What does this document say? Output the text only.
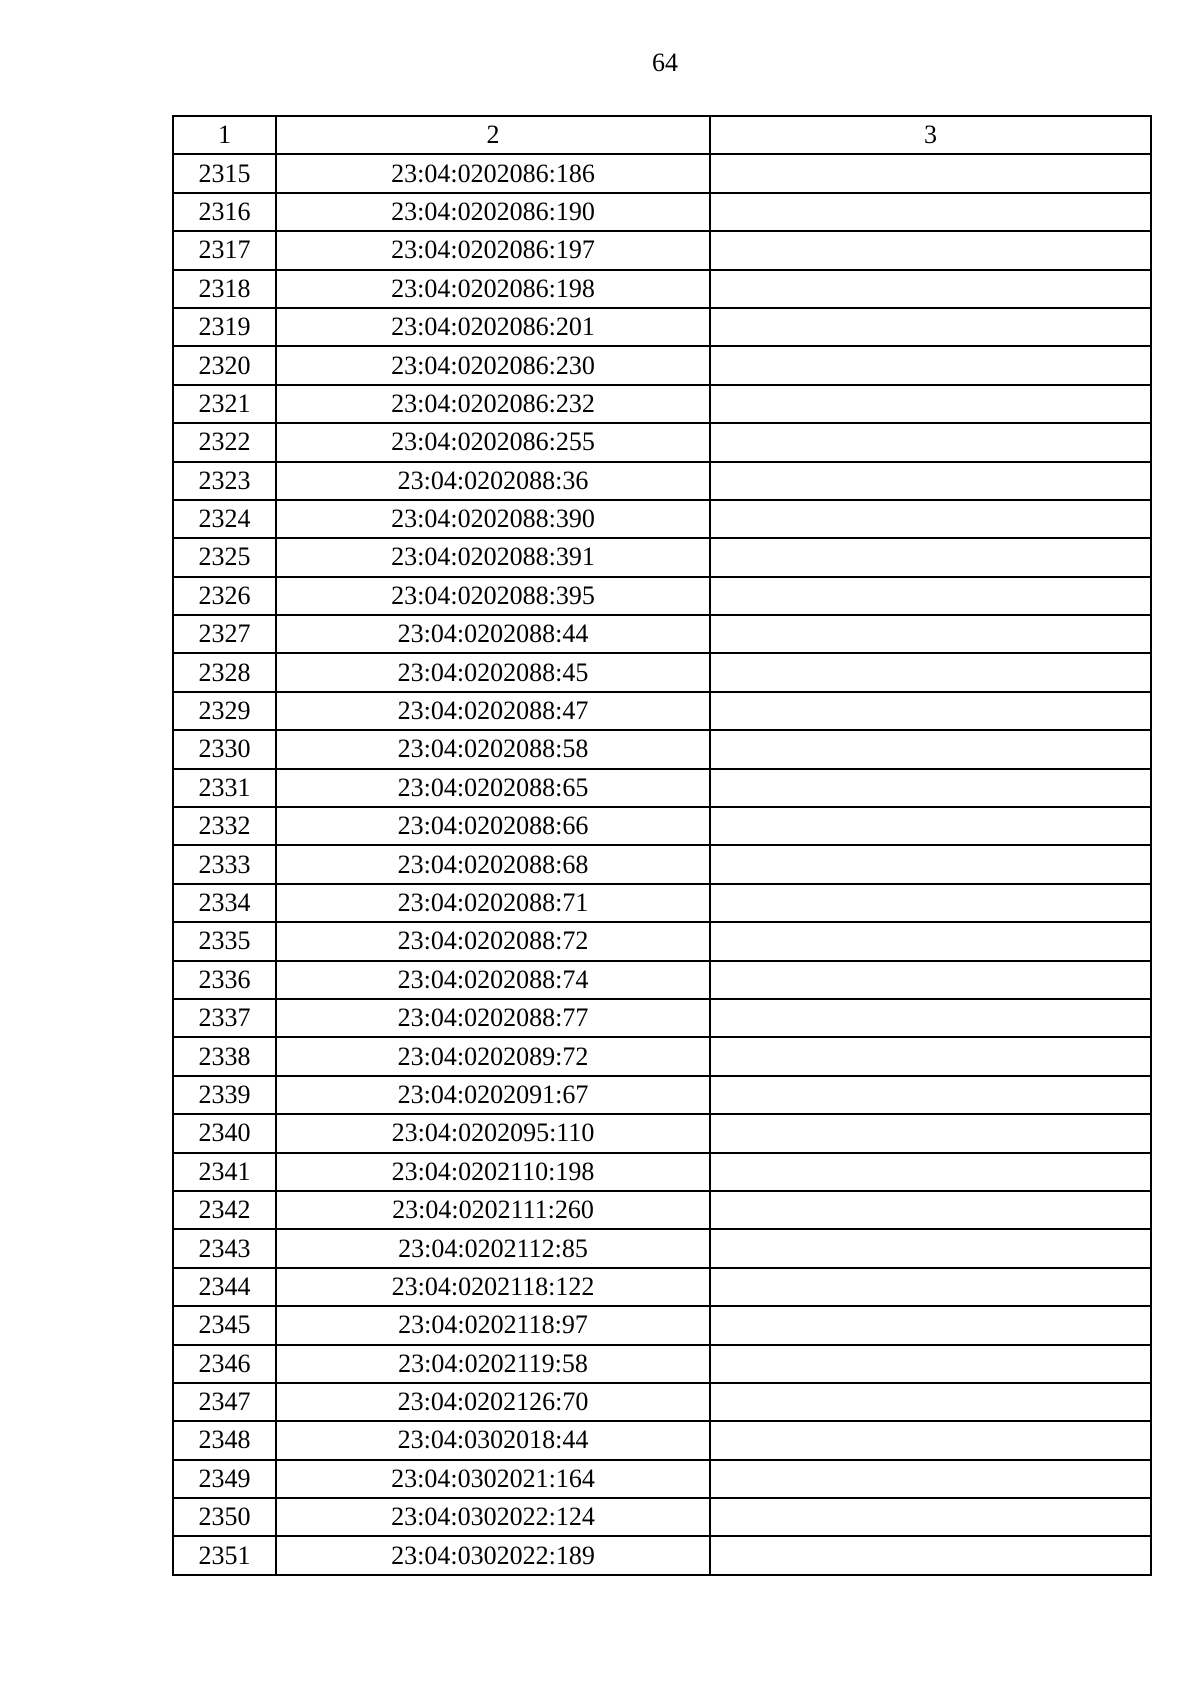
64
1	2	3
2315	23:04:0202086:186	
2316	23:04:0202086:190	
2317	23:04:0202086:197	
2318	23:04:0202086:198	
2319	23:04:0202086:201	
2320	23:04:0202086:230	
2321	23:04:0202086:232	
2322	23:04:0202086:255	
2323	23:04:0202088:36	
2324	23:04:0202088:390	
2325	23:04:0202088:391	
2326	23:04:0202088:395	
2327	23:04:0202088:44	
2328	23:04:0202088:45	
2329	23:04:0202088:47	
2330	23:04:0202088:58	
2331	23:04:0202088:65	
2332	23:04:0202088:66	
2333	23:04:0202088:68	
2334	23:04:0202088:71	
2335	23:04:0202088:72	
2336	23:04:0202088:74	
2337	23:04:0202088:77	
2338	23:04:0202089:72	
2339	23:04:0202091:67	
2340	23:04:0202095:110	
2341	23:04:0202110:198	
2342	23:04:0202111:260	
2343	23:04:0202112:85	
2344	23:04:0202118:122	
2345	23:04:0202118:97	
2346	23:04:0202119:58	
2347	23:04:0202126:70	
2348	23:04:0302018:44	
2349	23:04:0302021:164	
2350	23:04:0302022:124	
2351	23:04:0302022:189	
